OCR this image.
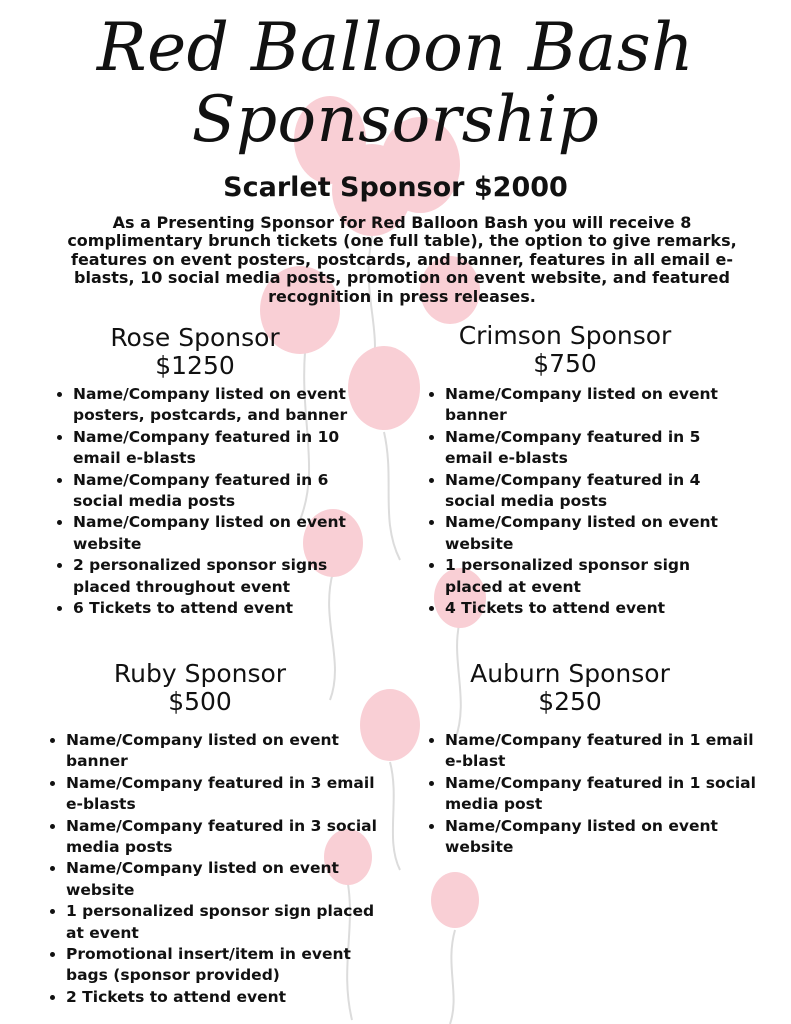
Red Balloon Bash
Sponsorship
Scarlet Sponsor $2000

As a Presenting Sponsor for Red Balloon Bash you will receive 8 complimentary brunch tickets (one full table), the option to give remarks, features on event posters, postcards, and banner, features in all email e-blasts, 10 social media posts, promotion on event website, and featured recognition in press releases.

Rose Sponsor
$1250
• Name/Company listed on event posters, postcards, and banner
• Name/Company featured in 10 email e-blasts
• Name/Company featured in 6 social media posts
• Name/Company listed on event website
• 2 personalized sponsor signs placed throughout event
• 6 Tickets to attend event
Crimson Sponsor
$750
• Name/Company listed on event banner
• Name/Company featured in 5 email e-blasts
• Name/Company featured in 4 social media posts
• Name/Company listed on event website
• 1 personalized sponsor sign placed at event
• 4 Tickets to attend event
Ruby Sponsor
$500
• Name/Company listed on event banner
• Name/Company featured in 3 email e-blasts
• Name/Company featured in 3 social media posts
• Name/Company listed on event website
• 1 personalized sponsor sign placed at event
• Promotional insert/item in event bags (sponsor provided)
• 2 Tickets to attend event
Auburn Sponsor
$250
• Name/Company featured in 1 email e-blast
• Name/Company featured in 1 social media post
• Name/Company listed on event website
